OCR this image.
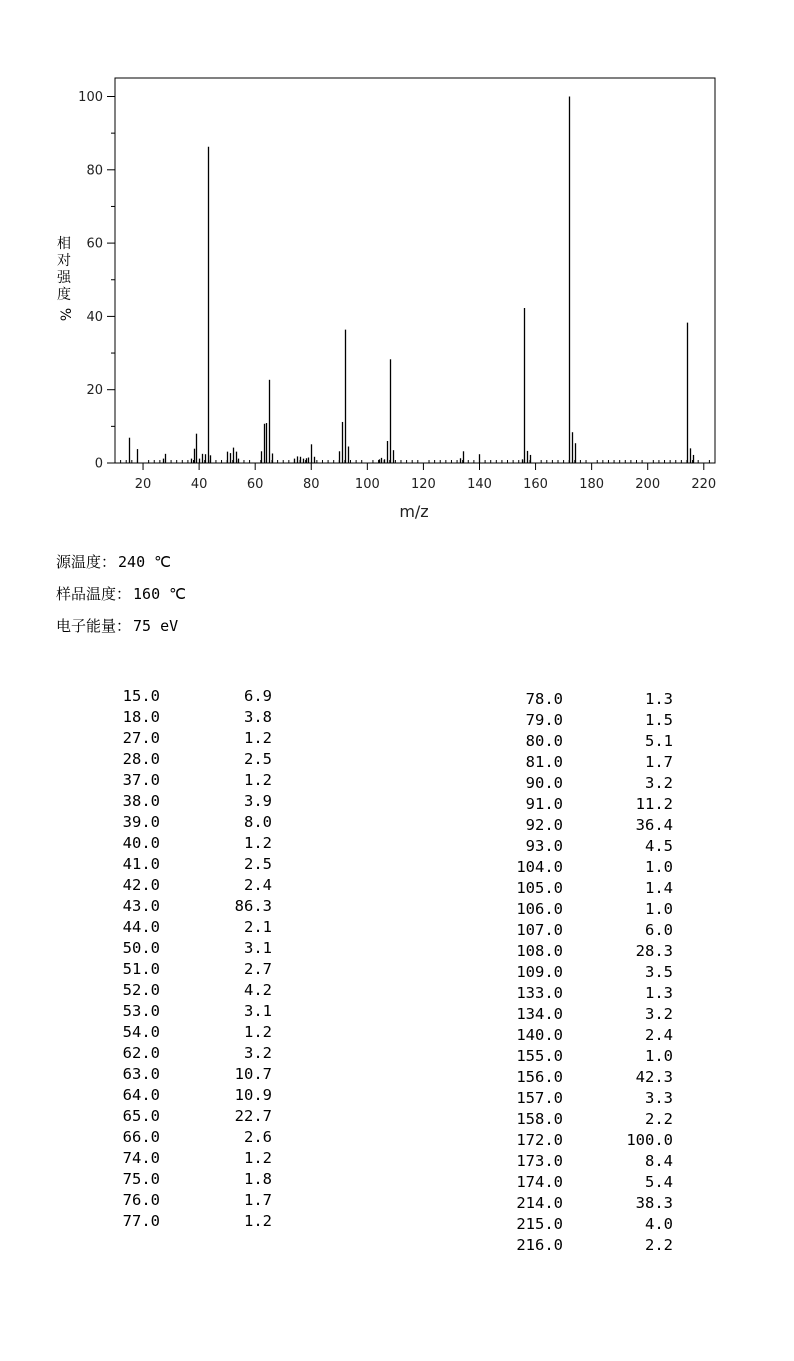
0
20
40
60
80
100
20	40	60	80	100 120 140 160 180 200 220
m/z
相
对
强
度
%
源温度： 240 ℃
样品温度： 160 ℃
电子能量： 75 eV
15.0	6.9
18.0	3.8
27.0	1.2
28.0	2.5
37.0	1.2
38.0	3.9
39.0	8.0
40.0	1.2
41.0	2.5
42.0	2.4
43.0	86.3
44.0	2.1
50.0	3.1
51.0	2.7
52.0	4.2
53.0	3.1
54.0	1.2
62.0	3.2
63.0	10.7
64.0	10.9
65.0	22.7
66.0	2.6
74.0	1.2
75.0	1.8
76.0	1.7
77.0	1.2
78.0	1.3
79.0	1.5
80.0	5.1
81.0	1.7
90.0	3.2
91.0	11.2
92.0	36.4
93.0	4.5
104.0	1.0
105.0	1.4
106.0	1.0
107.0	6.0
108.0	28.3
109.0	3.5
133.0	1.3
134.0	3.2
140.0	2.4
155.0	1.0
156.0	42.3
157.0	3.3
158.0	2.2
172.0	100.0
173.0	8.4
174.0	5.4
214.0	38.3
215.0	4.0
216.0	2.2
